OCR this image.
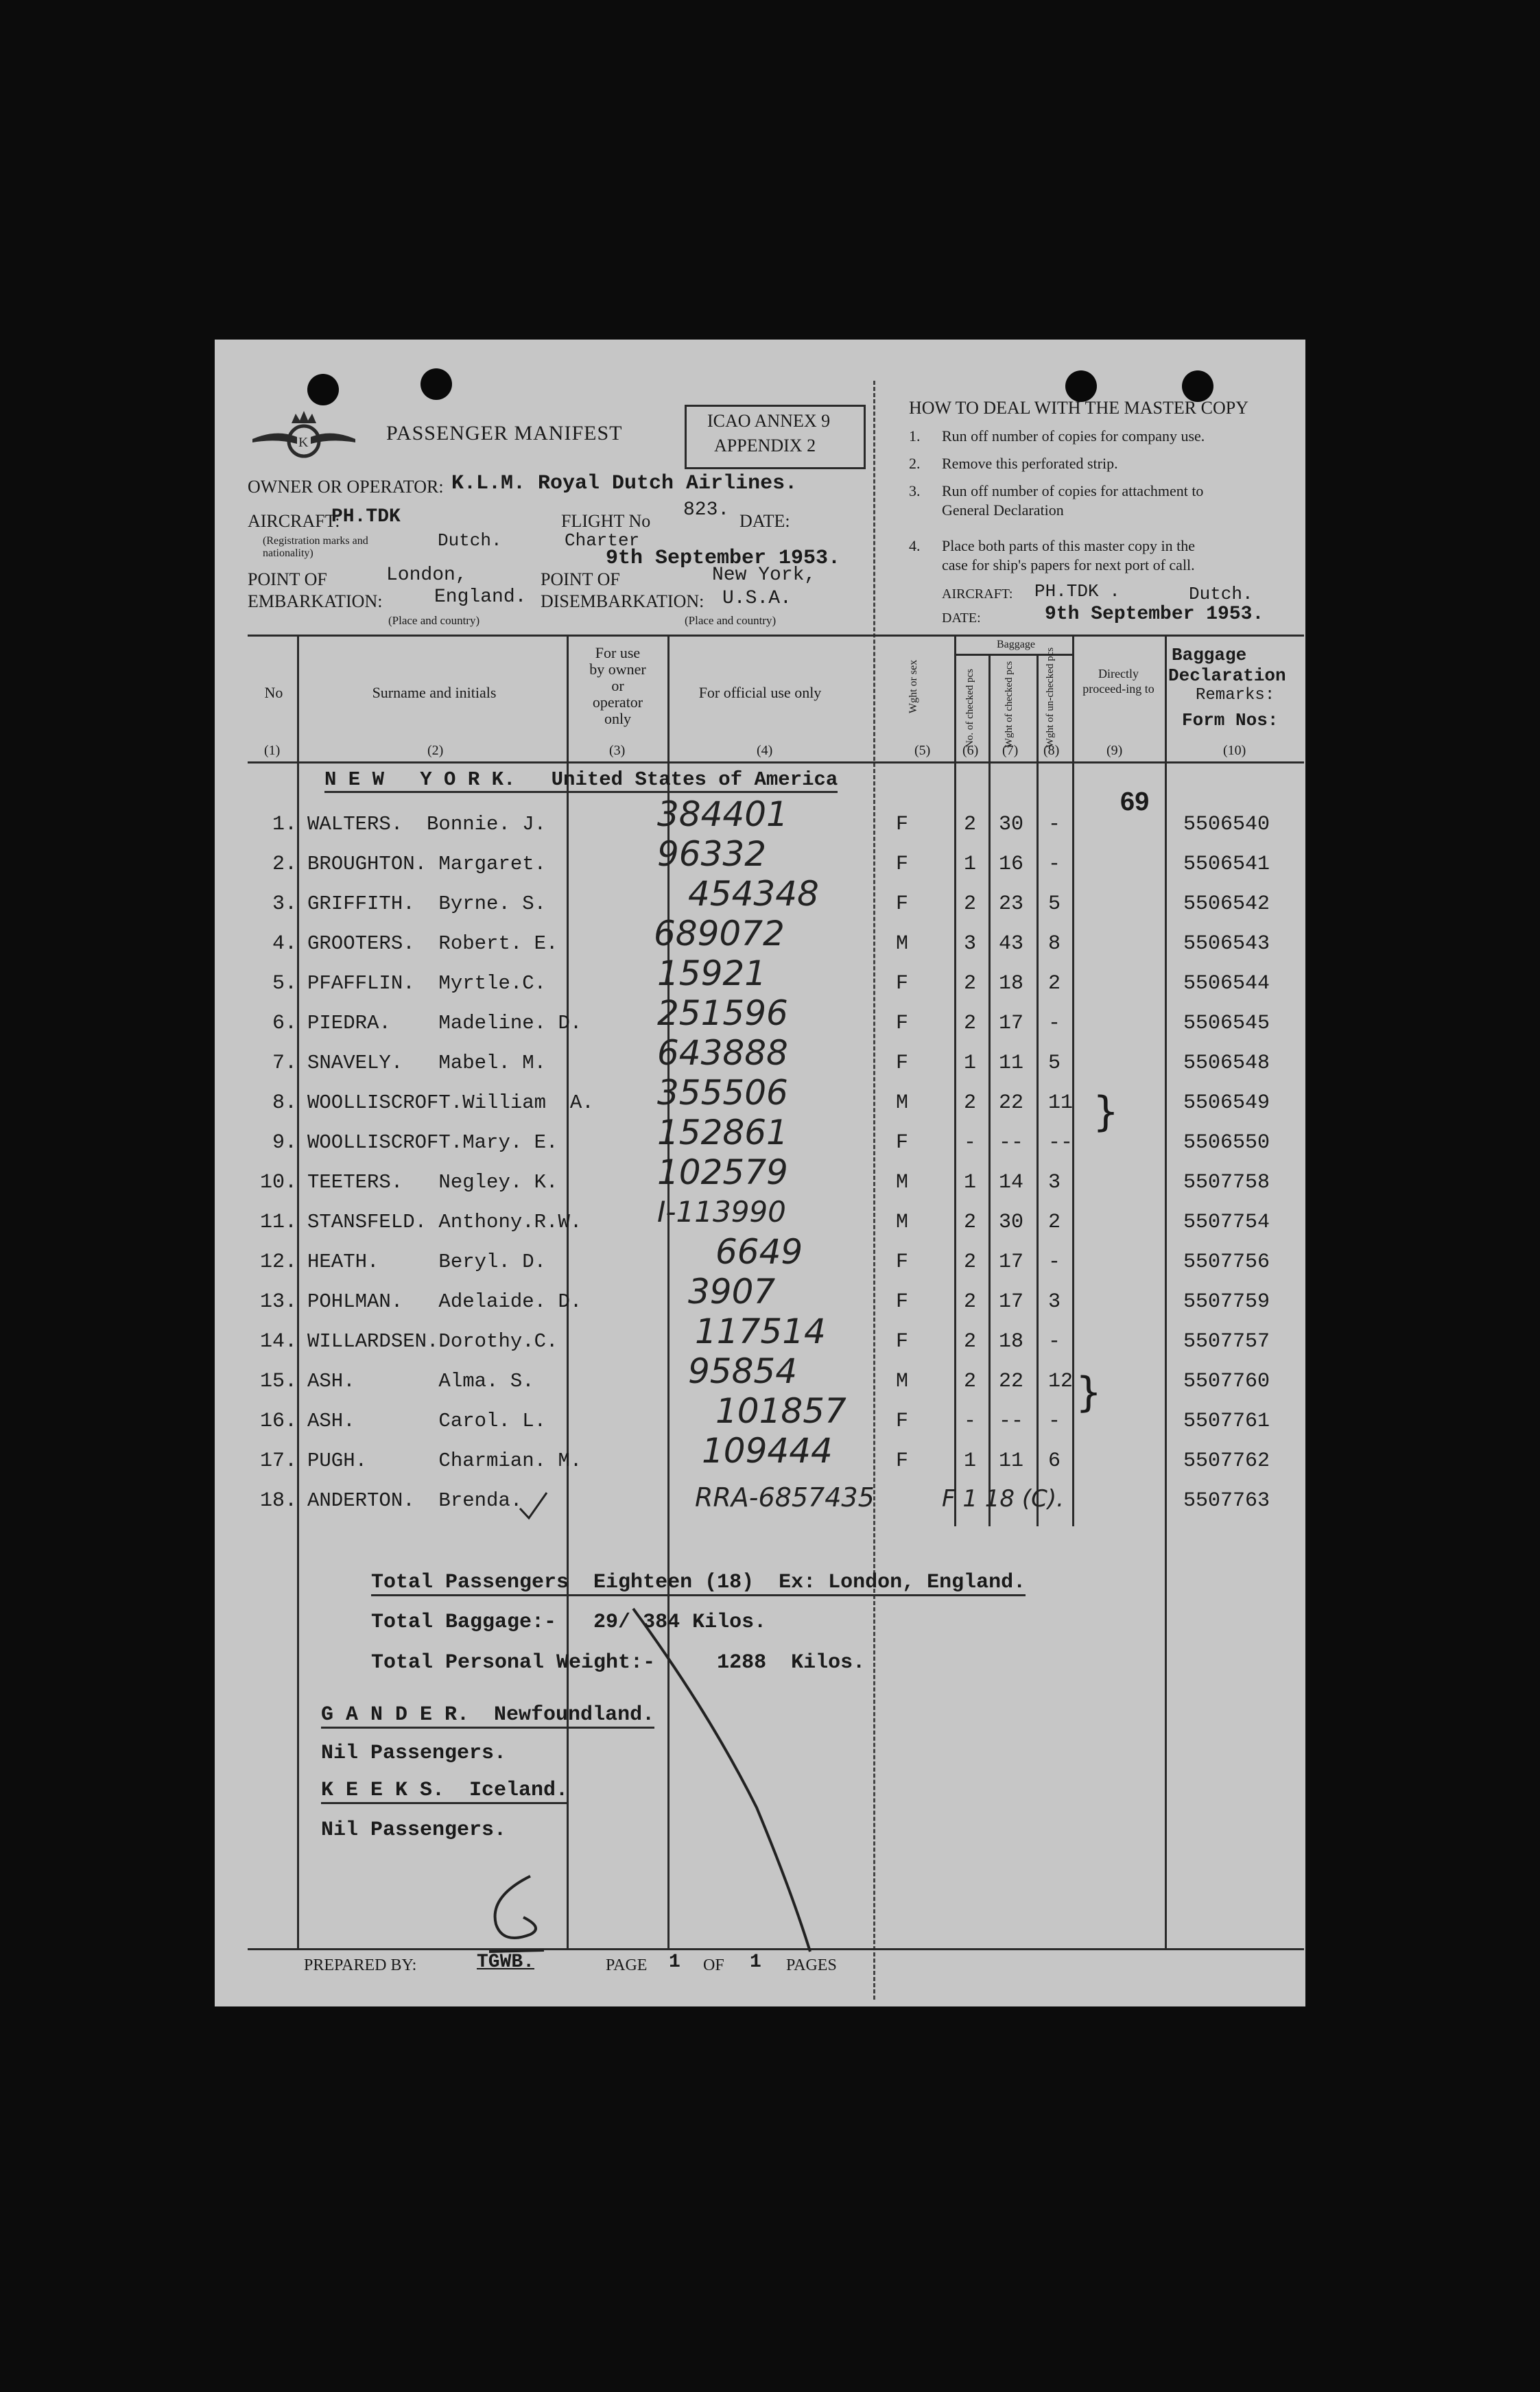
K	PASSENGER MANIFEST
ICAO ANNEX 9
APPENDIX 2
OWNER OR OPERATOR: K.L.M. Royal Dutch Airlines.
AIRCRAFT:
PH.TDK
(Registration marks and nationality)
Dutch.
FLIGHT No
823.
Charter
DATE:
9th September 1953.
POINT OF
EMBARKATION:
London,
England.
(Place and country)
POINT OF
DISEMBARKATION:
New York,
U.S.A.
(Place and country)
HOW TO DEAL WITH THE MASTER COPY
1. Run off number of copies for company use.
2. Remove this perforated strip.
3. Run off number of copies for attachment to
General Declaration
4. Place both parts of this master copy in the
case for ship's papers for next port of call.
AIRCRAFT: PH.TDK .	Dutch.
DATE:	9th September 1953.
No	Surname and initials
For use
by owner
or
operator
only
For official use only	Wght or sex
Baggage
No. of checked pcs	Wght of checked pcs	Wght of un-checked pcs	Directly proceed-ing to
Baggage
Declaration
Remarks:
Form Nos:
(1)	(2)	(3)	(4)	(5) (6) (7) (8)	(9)	(10)
N E W   Y O R K.   United States of America
69
1. WALTERS.  Bonnie. J.	384401	F	2 30 -	5506540
2. BROUGHTON. Margaret.	96332	F	1 16 -	5506541
3. GRIFFITH.  Byrne. S.	454348	F	2 23 5	5506542
4. GROOTERS.  Robert. E.	689072	M	3 43 8	5506543
5. PFAFFLIN.  Myrtle.C.	15921	F	2 18 2	5506544
6. PIEDRA.    Madeline. D. 251596	F	2 17 -	5506545
7. SNAVELY.   Mabel. M.	643888	F	1 11 5	5506548
8. WOOLLISCROFT.William  A. 355506	M	2 22 11	5506549
9. WOOLLISCROFT.Mary. E.	152861	F	- -- --	5506550
10. TEETERS.   Negley. K.	102579	M	1 14 3	5507758
11. STANSFELD. Anthony.R.W.	I-113990	M	2 30 2	5507754
12. HEATH.     Beryl. D.	6649	F	2 17 -	5507756
13. POHLMAN.   Adelaide. D.	3907	F	2 17 3	5507759
14. WILLARDSEN.Dorothy.C.	117514	F	2 18 -	5507757
15. ASH.       Alma. S.	95854	M	2 22 12	5507760
16. ASH.       Carol. L.	101857 F	- -- -	5507761
17. PUGH.      Charmian. M.	109444	F	1 11 6	5507762
18. ANDERTON.  Brenda.	RRA-6857435	F 1 18 (C).	5507763
}
}
Total Passengers  Eighteen (18)  Ex: London, England.
Total Baggage:-   29/ 384 Kilos.
Total Personal Weight:-     1288  Kilos.
G A N D E R.  Newfoundland.
Nil Passengers.
K E E K S.  Iceland.
Nil Passengers.
PREPARED BY:	TGWB.	PAGE 1 OF 1 PAGES
